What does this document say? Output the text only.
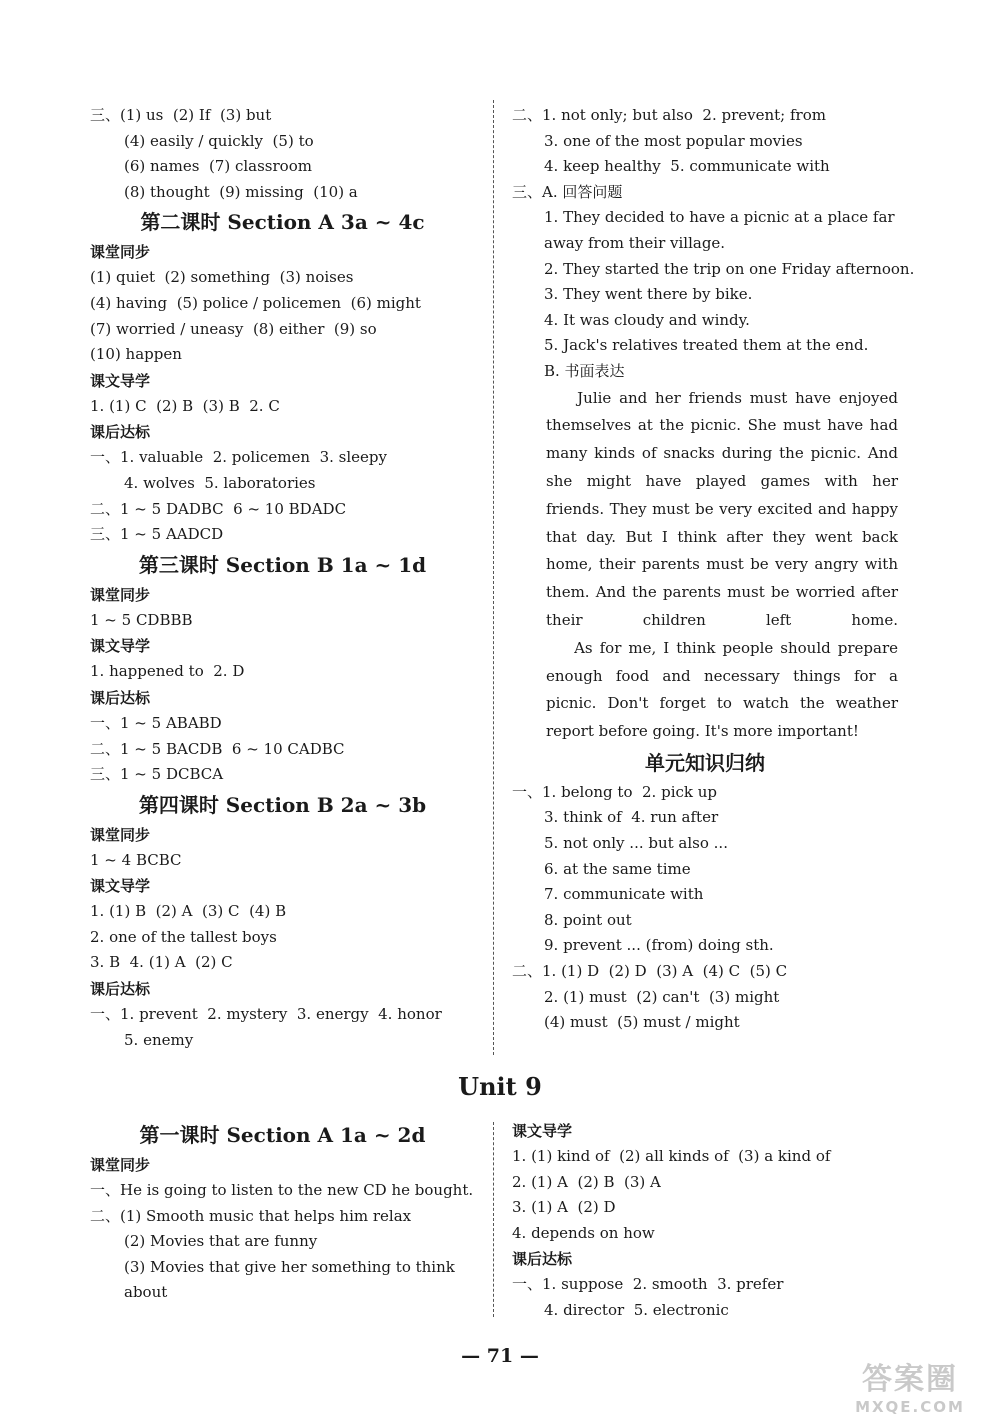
三、(1) us  (2) If  (3) but
(4) easily / quickly  (5) to
(6) names  (7) classroom
(8) thought  (9) missing  (10) a
第二课时 Section A 3a ~ 4c
课堂同步
(1) quiet  (2) something  (3) noises
(4) having  (5) police / policemen  (6) might
(7) worried / uneasy  (8) either  (9) so
(10) happen
课文导学
1. (1) C  (2) B  (3) B  2. C
课后达标
一、1. valuable  2. policemen  3. sleepy
4. wolves  5. laboratories
二、1 ~ 5 DADBC  6 ~ 10 BDADC
三、1 ~ 5 AADCD
第三课时 Section B 1a ~ 1d
课堂同步
1 ~ 5 CDBBB
课文导学
1. happened to  2. D
课后达标
一、1 ~ 5 ABABD
二、1 ~ 5 BACDB  6 ~ 10 CADBC
三、1 ~ 5 DCBCA
第四课时 Section B 2a ~ 3b
课堂同步
1 ~ 4 BCBC
课文导学
1. (1) B  (2) A  (3) C  (4) B
2. one of the tallest boys
3. B  4. (1) A  (2) C
课后达标
一、1. prevent  2. mystery  3. energy  4. honor
5. enemy
二、1. not only; but also  2. prevent; from
3. one of the most popular movies
4. keep healthy  5. communicate with
三、A. 回答问题
1. They decided to have a picnic at a place far
away from their village.
2. They started the trip on one Friday afternoon.
3. They went there by bike.
4. It was cloudy and windy.
5. Jack's relatives treated them at the end.
B. 书面表达
Julie and her friends must have enjoyed themselves at the picnic. She must have had many kinds of snacks during the picnic. And she might have played games with her friends. They must be very excited and happy that day. But I think after they went back home, their parents must be very angry with them. And the parents must be worried after their children left home.
As for me, I think people should prepare enough food and necessary things for a picnic. Don't forget to watch the weather report before going. It's more important!
单元知识归纳
一、1. belong to  2. pick up
3. think of  4. run after
5. not only ... but also ...
6. at the same time
7. communicate with
8. point out
9. prevent ... (from) doing sth.
二、1. (1) D  (2) D  (3) A  (4) C  (5) C
2. (1) must  (2) can't  (3) might
(4) must  (5) must / might
Unit 9
第一课时 Section A 1a ~ 2d
课堂同步
一、He is going to listen to the new CD he bought.
二、(1) Smooth music that helps him relax
(2) Movies that are funny
(3) Movies that give her something to think
about
课文导学
1. (1) kind of  (2) all kinds of  (3) a kind of
2. (1) A  (2) B  (3) A
3. (1) A  (2) D
4. depends on how
课后达标
一、1. suppose  2. smooth  3. prefer
4. director  5. electronic
— 71 —
答案圈
MXQE.COM
